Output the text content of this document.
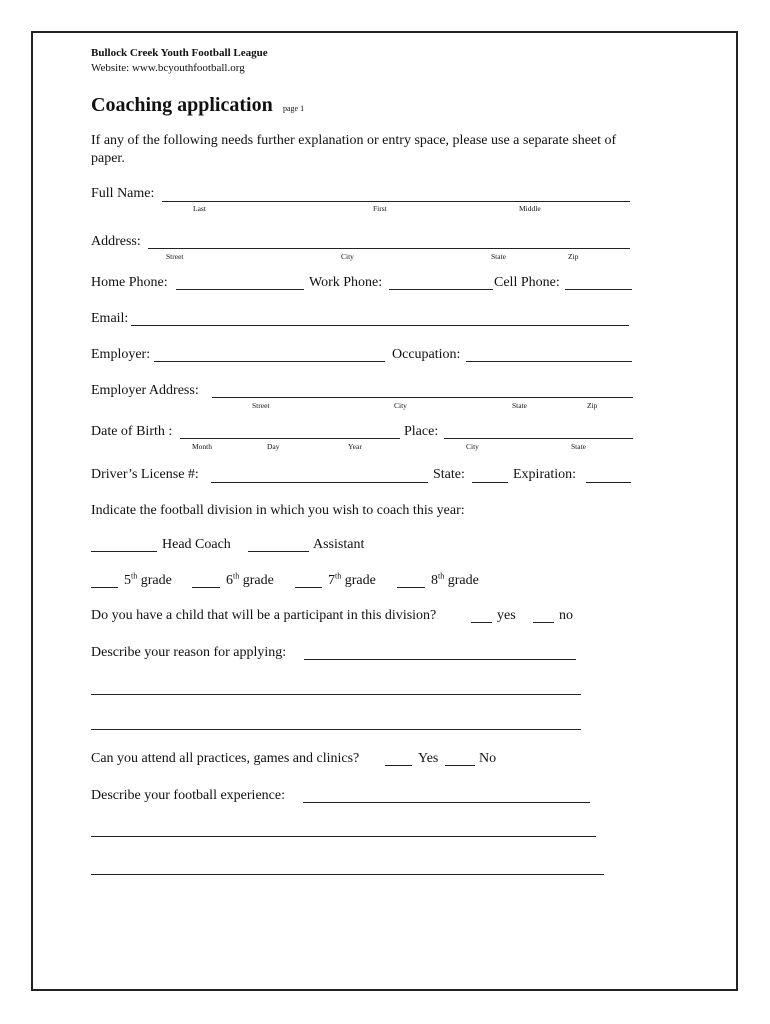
Bullock Creek Youth Football League
Website: www.bcyouthfootball.org
Coaching application page 1
If any of the following needs further explanation or entry space, please use a separate sheet of
paper.
Full Name:
Last	First	Middle
Address:
Street	City	State	Zip
Home Phone:	Work Phone:	Cell Phone:
Email:
Employer:	Occupation:
Employer Address:
Street	City	State	Zip
Date of Birth :
Month	Day	Year
Place:
City	State
Driver’s License #:	State:	Expiration:
Indicate the football division in which you wish to coach this year:
Head Coach	Assistant
5th grade	6th grade	7th grade	8th grade
Do you have a child that will be a participant in this division?	yes	no
Describe your reason for applying:
Can you attend all practices, games and clinics?	Yes	No
Describe your football experience:
